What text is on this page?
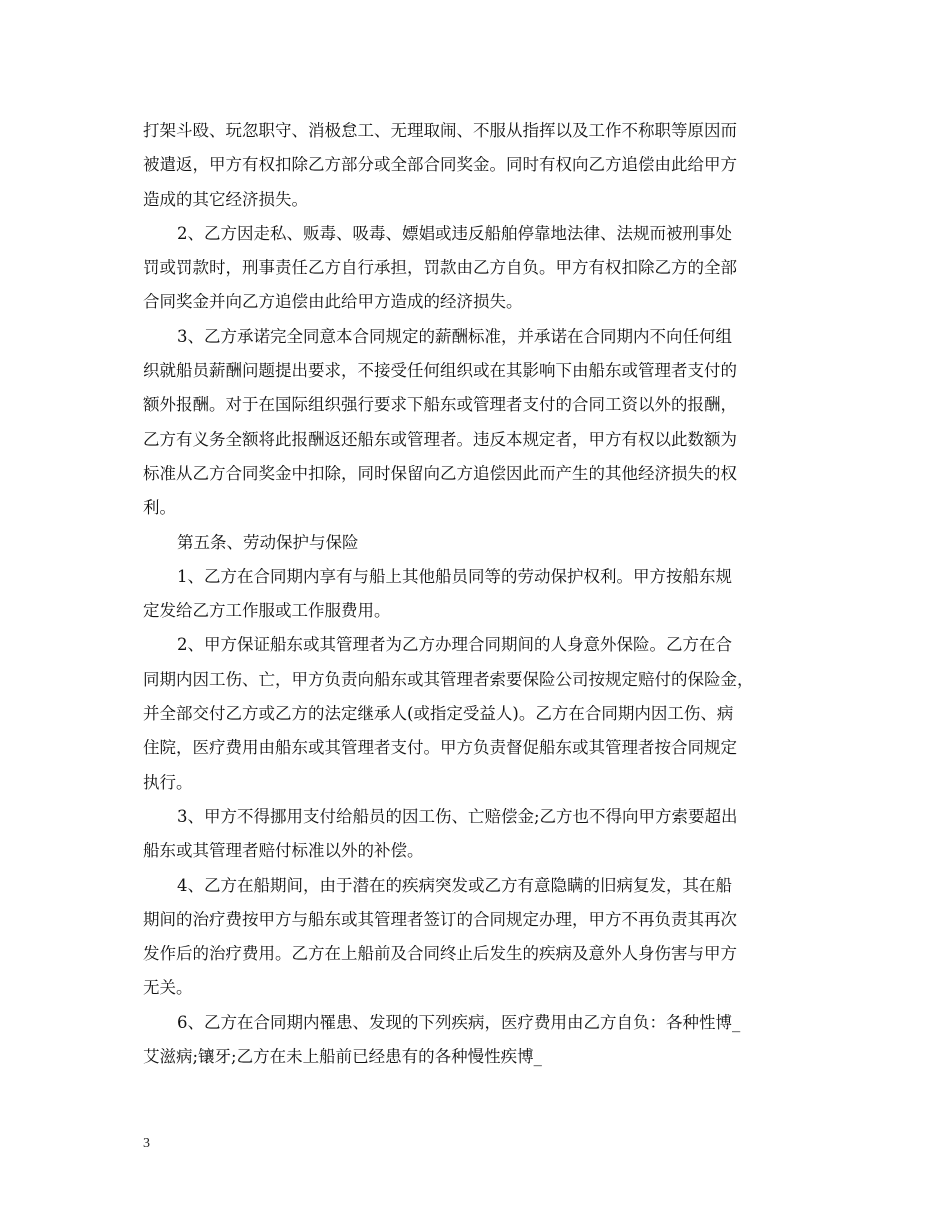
打架斗殴、玩忽职守、消极怠工、无理取闹、不服从指挥以及工作不称职等原因而
被遣返，甲方有权扣除乙方部分或全部合同奖金。同时有权向乙方追偿由此给甲方
造成的其它经济损失。
2、乙方因走私、贩毒、吸毒、嫖娼或违反船舶停靠地法律、法规而被刑事处
罚或罚款时，刑事责任乙方自行承担，罚款由乙方自负。甲方有权扣除乙方的全部
合同奖金并向乙方追偿由此给甲方造成的经济损失。
3、乙方承诺完全同意本合同规定的薪酬标准，并承诺在合同期内不向任何组
织就船员薪酬问题提出要求，不接受任何组织或在其影响下由船东或管理者支付的
额外报酬。对于在国际组织强行要求下船东或管理者支付的合同工资以外的报酬，
乙方有义务全额将此报酬返还船东或管理者。违反本规定者，甲方有权以此数额为
标准从乙方合同奖金中扣除，同时保留向乙方追偿因此而产生的其他经济损失的权
利。
第五条、劳动保护与保险
1、乙方在合同期内享有与船上其他船员同等的劳动保护权利。甲方按船东规
定发给乙方工作服或工作服费用。
2、甲方保证船东或其管理者为乙方办理合同期间的人身意外保险。乙方在合
同期内因工伤、亡，甲方负责向船东或其管理者索要保险公司按规定赔付的保险金，
并全部交付乙方或乙方的法定继承人(或指定受益人)。乙方在合同期内因工伤、病
住院，医疗费用由船东或其管理者支付。甲方负责督促船东或其管理者按合同规定
执行。
3、甲方不得挪用支付给船员的因工伤、亡赔偿金;乙方也不得向甲方索要超出
船东或其管理者赔付标准以外的补偿。
4、乙方在船期间，由于潜在的疾病突发或乙方有意隐瞒的旧病复发，其在船
期间的治疗费按甲方与船东或其管理者签订的合同规定办理，甲方不再负责其再次
发作后的治疗费用。乙方在上船前及合同终止后发生的疾病及意外人身伤害与甲方
无关。
6、乙方在合同期内罹患、发现的下列疾病，医疗费用由乙方自负：各种性博_
艾滋病;镶牙;乙方在未上船前已经患有的各种慢性疾博_
3
